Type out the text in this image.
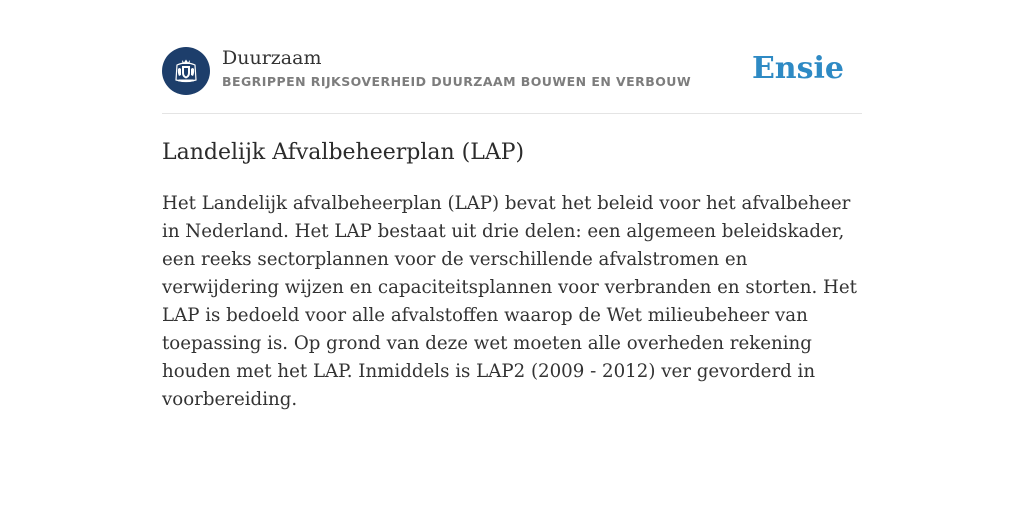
Duurzaam
BEGRIPPEN RIJKSOVERHEID DUURZAAM BOUWEN EN VERBOUW Ensie
Landelijk Afvalbeheerplan (LAP)

Het Landelijk afvalbeheerplan (LAP) bevat het beleid voor het afvalbeheer in Nederland. Het LAP bestaat uit drie delen: een algemeen beleidskader, een reeks sectorplannen voor de verschillende afvalstromen en verwijdering wijzen en capaciteitsplannen voor verbranden en storten. Het LAP is bedoeld voor alle afvalstoffen waarop de Wet milieubeheer van toepassing is. Op grond van deze wet moeten alle overheden rekening houden met het LAP. Inmiddels is LAP2 (2009 - 2012) ver gevorderd in voorbereiding.
